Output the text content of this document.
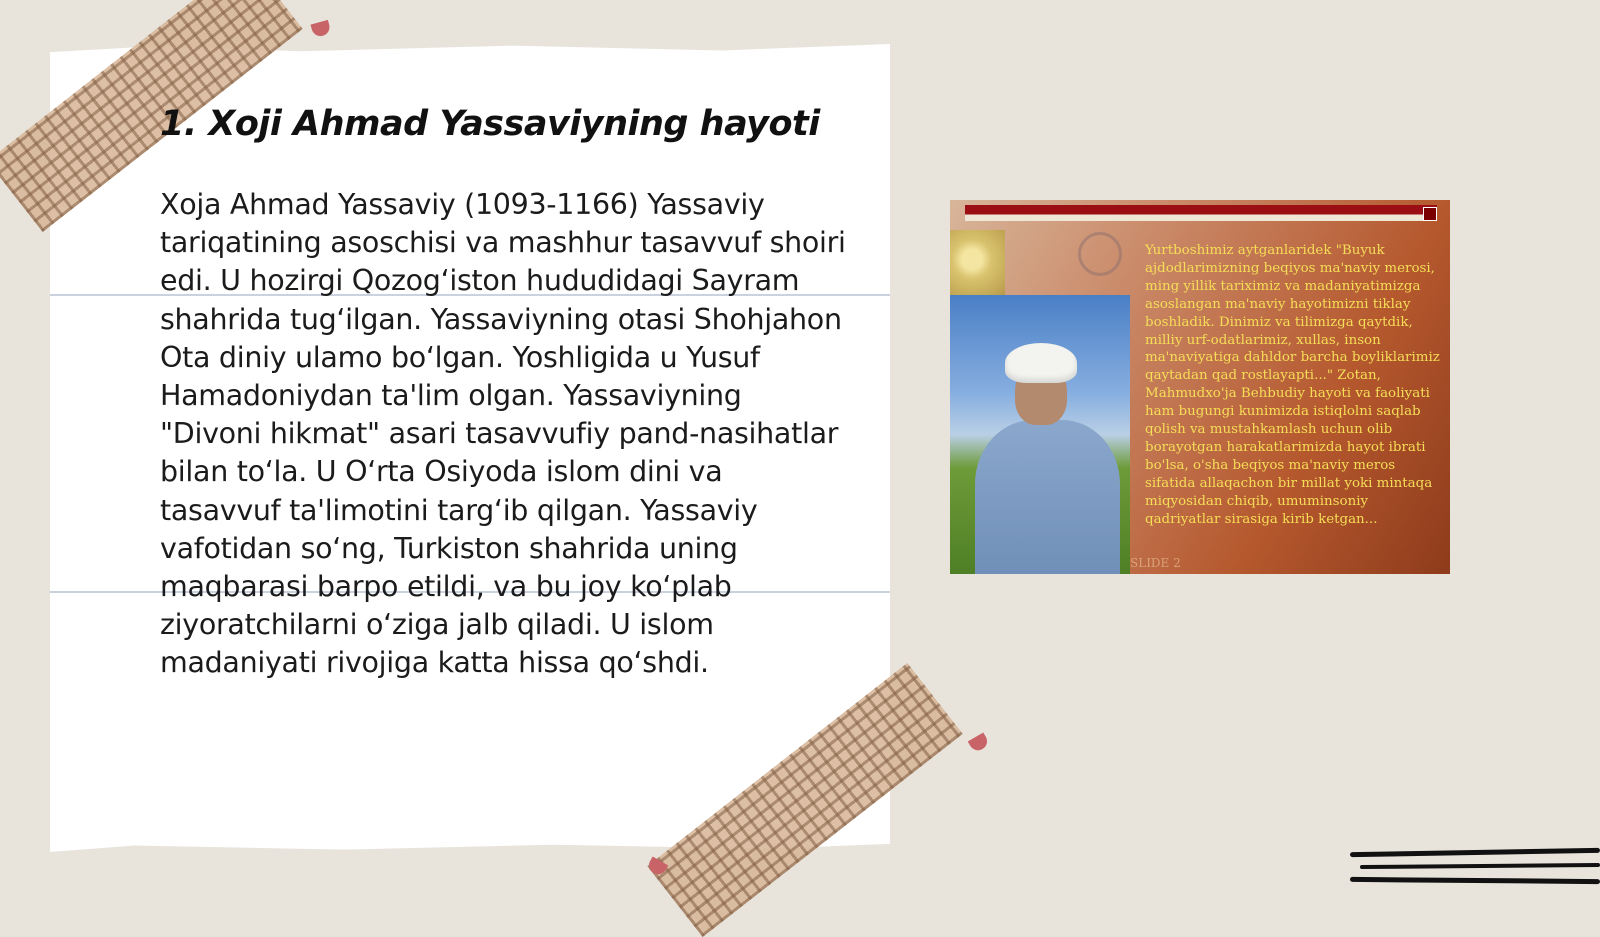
1. Xoji Ahmad Yassaviyning hayoti

Xoja Ahmad Yassaviy (1093-1166) Yassaviy tariqatining asoschisi va mashhur tasavvuf shoiri edi. U hozirgi Qozog‘iston hududidagi Sayram shahrida tug‘ilgan. Yassaviyning otasi Shohjahon Ota diniy ulamo bo‘lgan. Yoshligida u Yusuf Hamadoniydan ta'lim olgan. Yassaviyning "Divoni hikmat" asari tasavvufiy pand-nasihatlar bilan to‘la. U O‘rta Osiyoda islom dini va tasavvuf ta'limotini targ‘ib qilgan. Yassaviy vafotidan so‘ng, Turkiston shahrida uning maqbarasi barpo etildi, va bu joy ko‘plab ziyoratchilarni o‘ziga jalb qiladi. U islom madaniyati rivojiga katta hissa qo‘shdi.

Yurtboshimiz aytganlaridek "Buyuk ajdodlarimizning beqiyos ma'naviy merosi, ming yillik tariximiz va madaniyatimizga asoslangan ma'naviy hayotimizni tiklay boshladik. Dinimiz va tilimizga qaytdik, milliy urf-odatlarimiz, xullas, inson ma'naviyatiga dahldor barcha boyliklarimiz qaytadan qad rostlayapti..." Zotan, Mahmudxo'ja Behbudiy hayoti va faoliyati ham bugungi kunimizda istiqlolni saqlab qolish va mustahkamlash uchun olib borayotgan harakatlarimizda hayot ibrati bo'lsa, o'sha beqiyos ma'naviy meros sifatida allaqachon bir millat yoki mintaqa miqyosidan chiqib, umuminsoniy qadriyatlar sirasiga kirib ketgan...

SLIDE 2
